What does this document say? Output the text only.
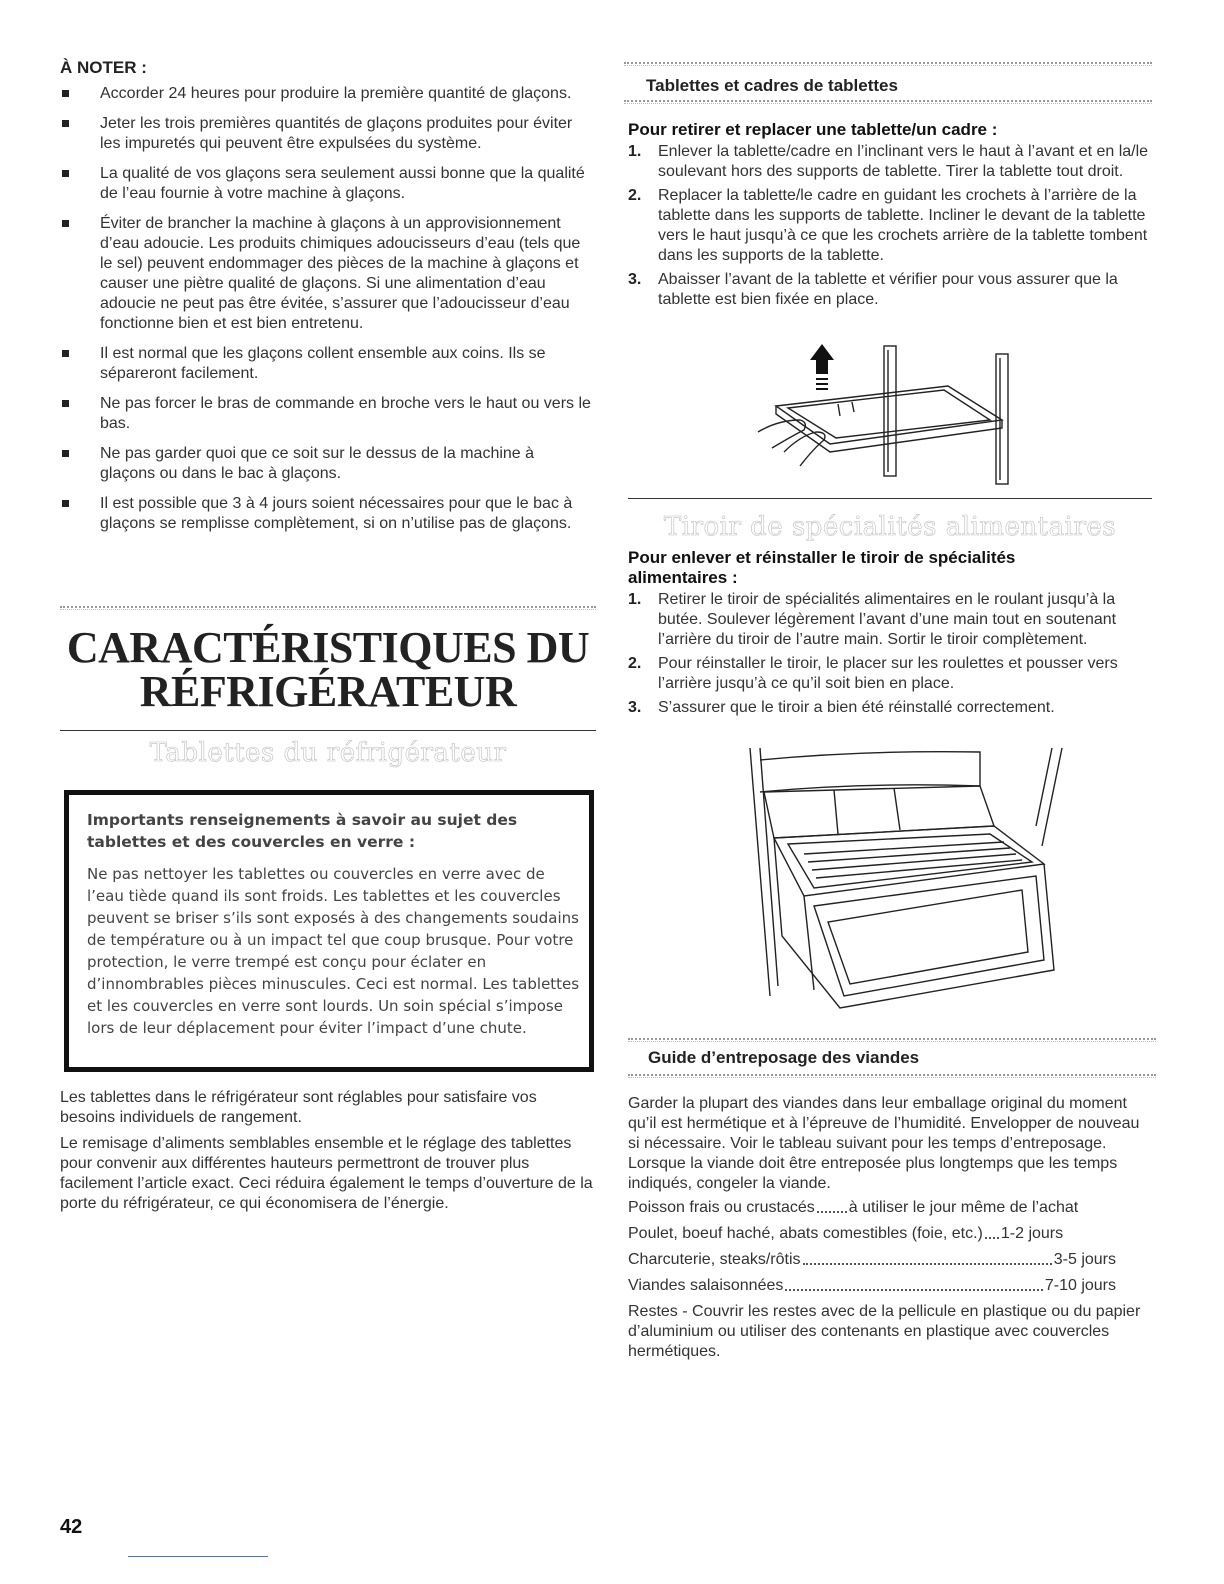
À NOTER :
Accorder 24 heures pour produire la première quantité de glaçons.
Jeter les trois premières quantités de glaçons produites pour éviter les impuretés qui peuvent être expulsées du système.
La qualité de vos glaçons sera seulement aussi bonne que la qualité de l’eau fournie à votre machine à glaçons.
Éviter de brancher la machine à glaçons à un approvisionnement d’eau adoucie. Les produits chimiques adoucisseurs d’eau (tels que le sel) peuvent endommager des pièces de la machine à glaçons et causer une piètre qualité de glaçons. Si une alimentation d’eau adoucie ne peut pas être évitée, s’assurer que l’adoucisseur d’eau fonctionne bien et est bien entretenu.
Il est normal que les glaçons collent ensemble aux coins. Ils se sépareront facilement.
Ne pas forcer le bras de commande en broche vers le haut ou vers le bas.
Ne pas garder quoi que ce soit sur le dessus de la machine à glaçons ou dans le bac à glaçons.
Il est possible que 3 à 4 jours soient nécessaires pour que le bac à glaçons se remplisse complètement, si on n’utilise pas de glaçons.
CARACTÉRISTIQUES DU
RÉFRIGÉRATEUR
Tablettes du réfrigérateur
Importants renseignements à savoir au sujet des tablettes et des couvercles en verre :
Ne pas nettoyer les tablettes ou couvercles en verre avec de l’eau tiède quand ils sont froids. Les tablettes et les couvercles peuvent se briser s’ils sont exposés à des changements soudains de température ou à un impact tel que coup brusque. Pour votre protection, le verre trempé est conçu pour éclater en d’innombrables pièces minuscules. Ceci est normal. Les tablettes et les couvercles en verre sont lourds. Un soin spécial s’impose lors de leur déplacement pour éviter l’impact d’une chute.
Les tablettes dans le réfrigérateur sont réglables pour satisfaire vos besoins individuels de rangement.
Le remisage d’aliments semblables ensemble et le réglage des tablettes pour convenir aux différentes hauteurs permettront de trouver plus facilement l’article exact. Ceci réduira également le temps d’ouverture de la porte du réfrigérateur, ce qui économisera de l’énergie.
Tablettes et cadres de tablettes
Pour retirer et replacer une tablette/un cadre :
1. Enlever la tablette/cadre en l’inclinant vers le haut à l’avant et en la/le soulevant hors des supports de tablette. Tirer la tablette tout droit.
2. Replacer la tablette/le cadre en guidant les crochets à l’arrière de la tablette dans les supports de tablette. Incliner le devant de la tablette vers le haut jusqu’à ce que les crochets arrière de la tablette tombent dans les supports de la tablette.
3. Abaisser l’avant de la tablette et vérifier pour vous assurer que la tablette est bien fixée en place.
Tiroir de spécialités alimentaires
Pour enlever et réinstaller le tiroir de spécialités alimentaires :
1. Retirer le tiroir de spécialités alimentaires en le roulant jusqu’à la butée. Soulever légèrement l’avant d’une main tout en soutenant l’arrière du tiroir de l’autre main. Sortir le tiroir complètement.
2. Pour réinstaller le tiroir, le placer sur les roulettes et pousser vers l’arrière jusqu’à ce qu’il soit bien en place.
3. S’assurer que le tiroir a bien été réinstallé correctement.
Guide d’entreposage des viandes
Garder la plupart des viandes dans leur emballage original du moment qu’il est hermétique et à l’épreuve de l’humidité. Envelopper de nouveau si nécessaire. Voir le tableau suivant pour les temps d’entreposage. Lorsque la viande doit être entreposée plus longtemps que les temps indiqués, congeler la viande.
Poisson frais ou crustacés à utiliser le jour même de l’achat
Poulet, boeuf haché, abats comestibles (foie, etc.) 1-2 jours
Charcuterie, steaks/rôtis	3-5 jours
Viandes salaisonnées	7-10 jours
Restes - Couvrir les restes avec de la pellicule en plastique ou du papier d’aluminium ou utiliser des contenants en plastique avec couvercles hermétiques.
42
